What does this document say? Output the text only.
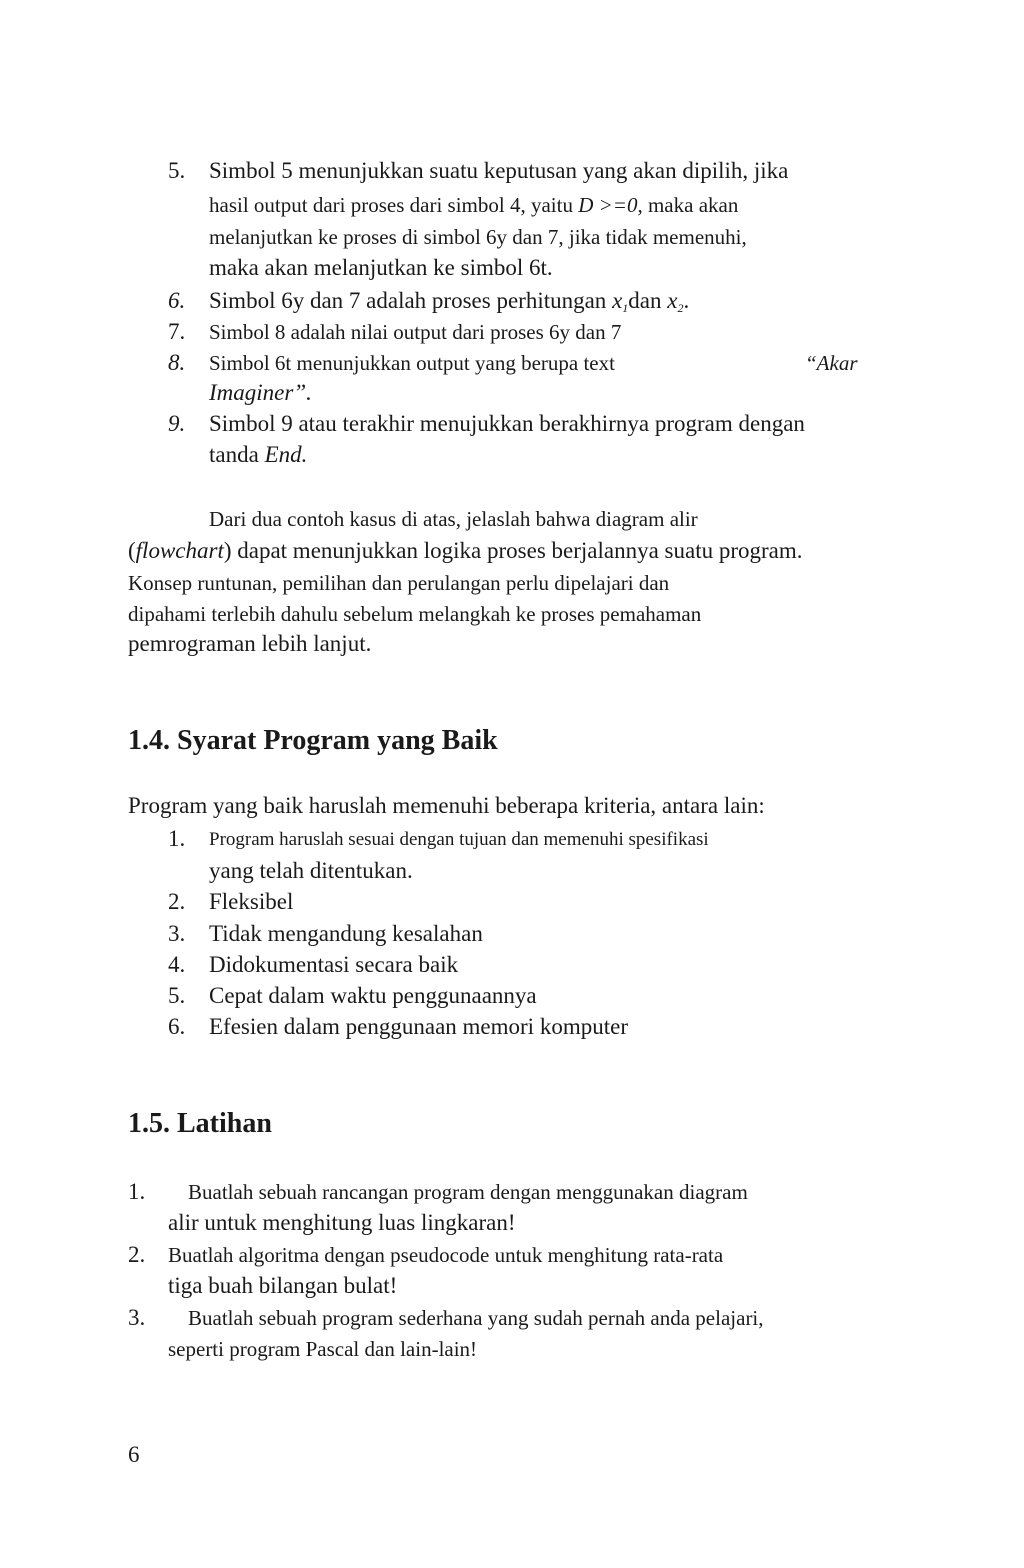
5. Simbol 5 menunjukkan suatu keputusan yang akan dipilih, jika
hasil output dari proses dari simbol 4, yaitu D >=0, maka akan
melanjutkan ke proses di simbol 6y dan 7, jika tidak memenuhi,
maka akan melanjutkan ke simbol 6t.
6. Simbol 6y dan 7 adalah proses perhitungan $x_1dan$ $x_2$.
7. Simbol 8 adalah nilai output dari proses 6y dan 7
8. Simbol 6t menunjukkan output yang berupa text	“Akar
Imaginer”.
9. Simbol 9 atau terakhir menujukkan berakhirnya program dengan
tanda End.
Dari dua contoh kasus di atas, jelaslah bahwa diagram alir
(flowchart) dapat menunjukkan logika proses berjalannya suatu program.
Konsep runtunan, pemilihan dan perulangan perlu dipelajari dan
dipahami terlebih dahulu sebelum melangkah ke proses pemahaman
pemrograman lebih lanjut.
1.4. Syarat Program yang Baik
Program yang baik haruslah memenuhi beberapa kriteria, antara lain:
1. Program haruslah sesuai dengan tujuan dan memenuhi spesifikasi
yang telah ditentukan.
2. Fleksibel
3. Tidak mengandung kesalahan
4. Didokumentasi secara baik
5. Cepat dalam waktu penggunaannya
6. Efesien dalam penggunaan memori komputer
1.5. Latihan
1. Buatlah sebuah rancangan program dengan menggunakan diagram
alir untuk menghitung luas lingkaran!
2. Buatlah algoritma dengan pseudocode untuk menghitung rata-rata
tiga buah bilangan bulat!
3. Buatlah sebuah program sederhana yang sudah pernah anda pelajari,
seperti program Pascal dan lain-lain!
6
